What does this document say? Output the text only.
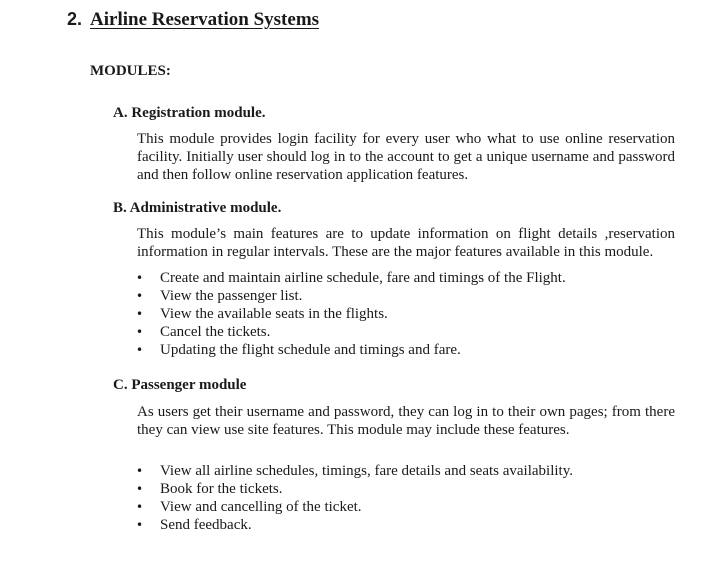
2. Airline Reservation Systems
MODULES:
A. Registration module.
This module provides login facility for every user who what to use online reservation facility. Initially user should log in to the account to get a unique username and password and then follow online reservation application features.
B. Administrative module.
This module’s main features are to update information on flight details ,reservation information in regular intervals. These are the major features available in this module.
• Create and maintain airline schedule, fare and timings of the Flight.
• View the passenger list.
• View the available seats in the flights.
• Cancel the tickets.
• Updating the flight schedule and timings and fare.
C. Passenger module
As users get their username and password, they can log in to their own pages; from there they can view use site features. This module may include these features.
• View all airline schedules, timings, fare details and seats availability.
• Book for the tickets.
• View and cancelling of the ticket.
• Send feedback.
